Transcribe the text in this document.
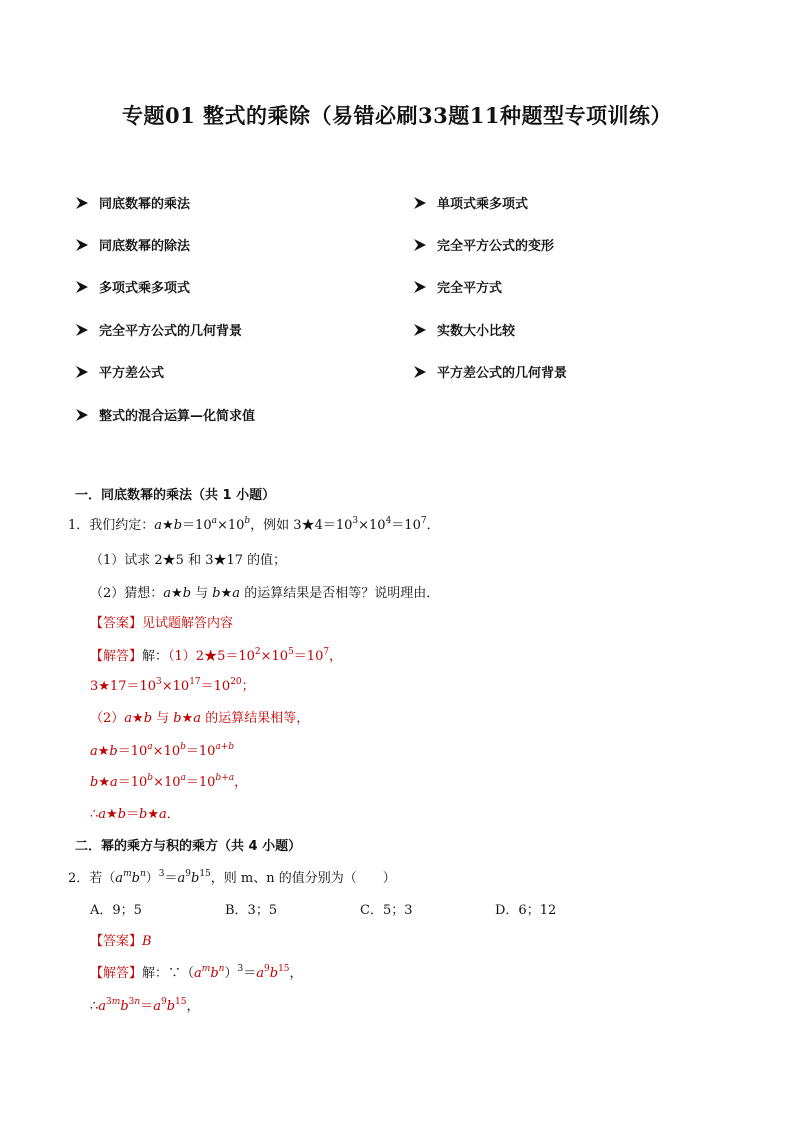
专题01 整式的乘除（易错必刷33题11种题型专项训练）
同底数幂的乘法	单项式乘多项式
同底数幂的除法	完全平方公式的变形
多项式乘多项式	完全平方式
完全平方公式的几何背景	实数大小比较
平方差公式	平方差公式的几何背景
整式的混合运算—化简求值
一．同底数幂的乘法（共 1 小题）
1．我们约定：$a★b=10^a\times 10^b$，例如 $3★4=10^3\times 10^4=10^7$．
（1）试求 2★5 和 3★17 的值；
（2）猜想：a★b 与 b★a 的运算结果是否相等？说明理由．
【答案】见试题解答内容
【解答】解：$(1)2★5=10^2\times 10^5=10^7$，
$3★17=10^3\times 10^{17}=10^{20}$；
（2）a★b 与 b★a 的运算结果相等，
$a★b=10^a\times 10^b=10^{a+b}$
$b★a=10^b\times 10^a=10^{b+a}$，
∴a★b＝b★a．
二．幂的乘方与积的乘方（共 4 小题）
2．若$(a^mb^n)^3=a^9b^{15}$，则 m、n 的值分别为（　　）
A．9；5	B．3；5	C．5；3	D．6；12
【答案】B
【解答】解：$\because(a^mb^n)^3=a^9b^{15}$，
$\therefore a^{3m}b^{3n}=a^9b^{15}$，
